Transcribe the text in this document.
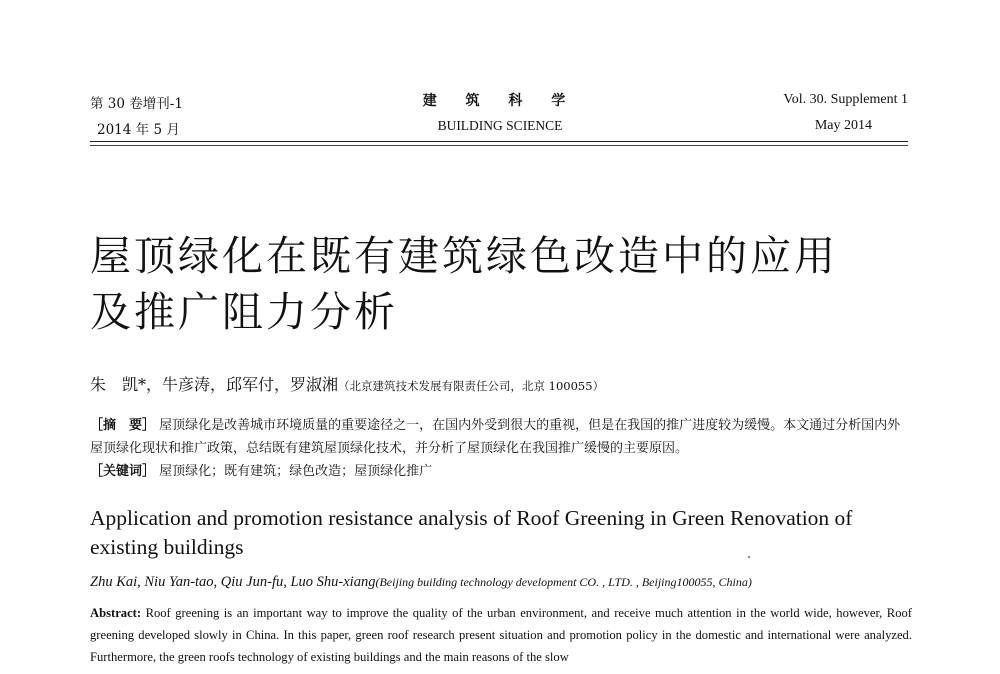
第 30 卷增刊-1
2014 年 5 月
建 筑 科 学
BUILDING SCIENCE
Vol. 30. Supplement 1
May 2014
屋顶绿化在既有建筑绿色改造中的应用及推广阻力分析
朱　凯*，牛彦涛，邱军付，罗淑湘（北京建筑技术发展有限责任公司，北京 100055）
［摘　要］ 屋顶绿化是改善城市环境质量的重要途径之一，在国内外受到很大的重视，但是在我国的推广进度较为缓慢。本文通过分析国内外屋顶绿化现状和推广政策，总结既有建筑屋顶绿化技术，并分析了屋顶绿化在我国推广缓慢的主要原因。
［关键词］ 屋顶绿化；既有建筑；绿色改造；屋顶绿化推广
Application and promotion resistance analysis of Roof Greening in Green Renovation of existing buildings
Zhu Kai, Niu Yan-tao, Qiu Jun-fu, Luo Shu-xiang(Beijing building technology development CO. , LTD. , Beijing100055, China)
Abstract: Roof greening is an important way to improve the quality of the urban environment, and receive much attention in the world wide, however, Roof greening developed slowly in China. In this paper, green roof research present situation and promotion policy in the domestic and international were analyzed. Furthermore, the green roofs technology of existing buildings and the main reasons of the slow
